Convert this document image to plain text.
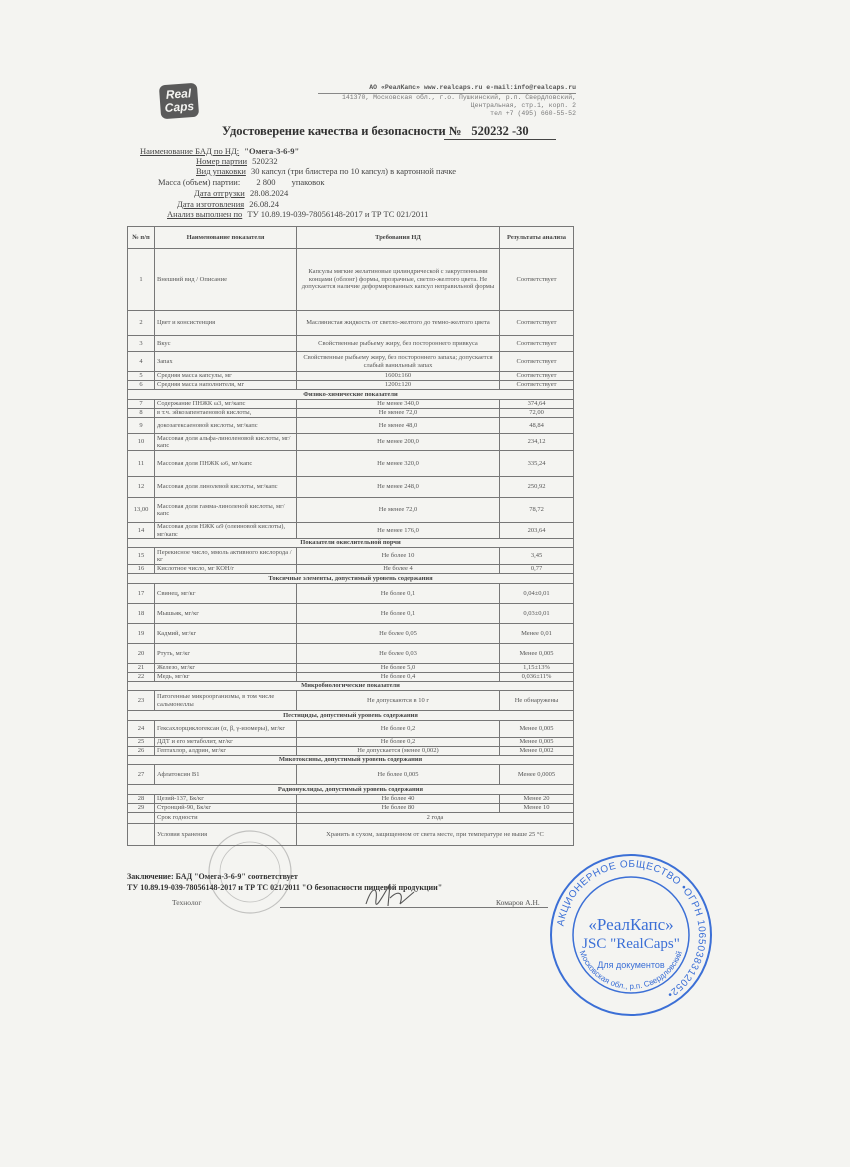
Real
Caps
АО «РеалКапс» www.realcaps.ru e-mail:info@realcaps.ru
141370, Московская обл., г.о. Пушкинский, р.п. Свердловский,
Центральная, стр.1, корп. 2
тел +7 (495) 660-55-52
Удостоверение качества и безопасности № 520232 -30
Наименование БАД по НД: "Омега-3-6-9"
Номер партии 520232
Вид упаковки 30 капсул (три блистера по 10 капсул) в картонной пачке
Масса (объем) партии: 2 800 упаковок
Дата отгрузки 28.08.2024
Дата изготовления 26.08.24
Анализ выполнен по ТУ 10.89.19-039-78056148-2017 и ТР ТС 021/2011
№ п/п	Наименование показателя	Требования НД	Результаты анализа
1	Внешний вид / Описание	Капсулы мягкие желатиновые цилиндрической с закругленными концами (облонг) формы, прозрачные, светло-желтого цвета. Не допускается наличие деформированных капсул неправильной формы	Соответствует
2	Цвет и консистенция	Маслянистая жидкость от светло-желтого до темно-желтого цвета	Соответствует
3	Вкус	Свойственные рыбьему жиру, без постороннего привкуса	Соответствует
4	Запах	Свойственные рыбьему жиру, без постороннего запаха; допускается слабый ванильный запах	Соответствует
5	Средняя масса капсулы, мг	1600±160	Соответствует
6	Средняя масса наполнителя, мг	1200±120	Соответствует
Физико-химические показатели			
7	Содержание ПНЖК ω3, мг/капс	Не менее 340,0	374,64
8	в т.ч. эйкозапентаеновой кислоты,	Не менее 72,0	72,00
9	докозагексаеновой кислоты, мг/капс	Не менее 48,0	48,84
10	Массовая доля альфа-линоленовой кислоты, мг/капс	Не менее 200,0	234,12
11	Массовая доля ПНЖК ω6, мг/капс	Не менее 320,0	335,24
12	Массовая доля линолевой кислоты, мг/капс	Не менее 248,0	250,92
13,00	Массовая доля гамма-линоленой кислоты, мг/капс	Не менее 72,0	78,72
14	Массовая доля НЖК ω9 (олеиновой кислоты), мг/капс	Не менее 176,0	203,64
Показатели окислительной порчи			
15	Перекисное число, ммоль активного кислорода /кг	Не более 10	3,45
16	Кислотное число, мг КОН/г	Не более 4	0,77
Токсичные элементы, допустимый уровень содержания			
17	Свинец, мг/кг	Не более 0,1	0,04±0,01
18	Мышьяк, мг/кг	Не более 0,1	0,03±0,01
19	Кадмий, мг/кг	Не более 0,05	Менее 0,01
20	Ртуть, мг/кг	Не более 0,03	Менее 0,005
21	Железо, мг/кг	Не более 5,0	1,15±13%
22	Медь, мг/кг	Не более 0,4	0,036±11%
Микробиологические показатели			
23	Патогенные микроорганизмы, в том числе сальмонеллы	Не допускаются в 10 г	Не обнаружены
Пестициды, допустимый уровень содержания			
24	Гексахлорциклогексан (α, β, γ-изомеры), мг/кг	Не более 0,2	Менее 0,005
25	ДДТ и его метаболит, мг/кг	Не более 0,2	Менее 0,005
26	Гептахлор, алдрин, мг/кг	Не допускается (менее 0,002)	Менее 0,002
Микотоксины, допустимый уровень содержания			
27	Афлатоксин В1	Не более 0,005	Менее 0,0005
Радионуклиды, допустимый уровень содержания			
28	Цезий-137, Бк/кг	Не более 40	Менее 20
29	Стронций-90, Бк/кг	Не более 80	Менее 10
	Срок годности	2 года	
	Условия хранения	Хранить в сухом, защищенном от света месте, при температуре не выше 25 °С	
Заключение: БАД "Омега-3-6-9" соответствует
ТУ 10.89.19-039-78056148-2017 и ТР ТС 021/2011 "О безопасности пищевой продукции"
Технолог	Комаров А.Н.
АКЦИОНЕРНОЕ ОБЩЕСТВО •ОГРН 1065038312052•
«РеалКапс»
JSC "RealCaps"
Для документов
Московская обл., р.п. Свердловский
